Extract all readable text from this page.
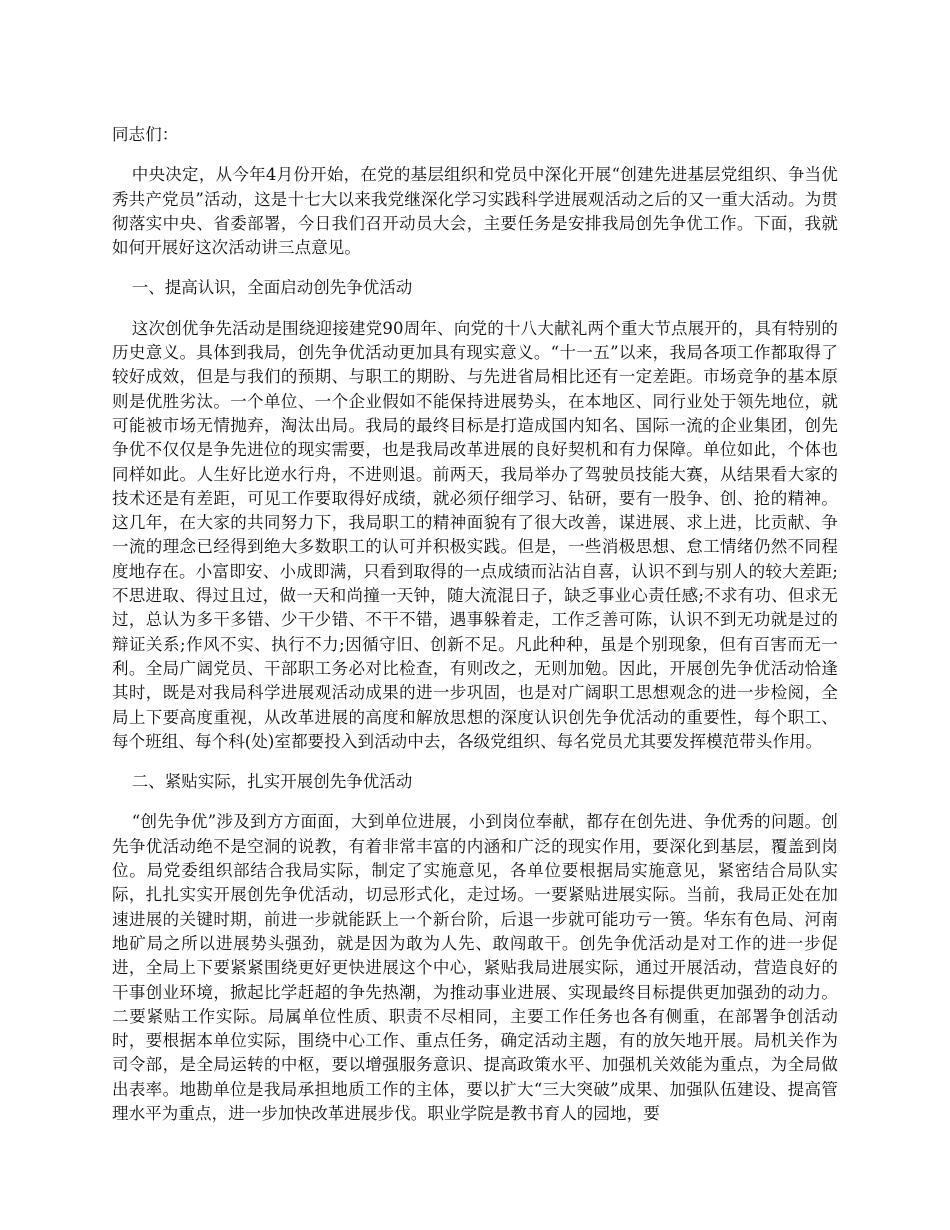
同志们：

中央决定，从今年4月份开始，在党的基层组织和党员中深化开展“创建先进基层党组织、争当优秀共产党员”活动，这是十七大以来我党继深化学习实践科学进展观活动之后的又一重大活动。为贯彻落实中央、省委部署，今日我们召开动员大会，主要任务是安排我局创先争优工作。下面，我就如何开展好这次活动讲三点意见。

一、提高认识，全面启动创先争优活动

这次创优争先活动是围绕迎接建党90周年、向党的十八大献礼两个重大节点展开的，具有特别的历史意义。具体到我局，创先争优活动更加具有现实意义。“十一五”以来，我局各项工作都取得了较好成效，但是与我们的预期、与职工的期盼、与先进省局相比还有一定差距。市场竞争的基本原则是优胜劣汰。一个单位、一个企业假如不能保持进展势头，在本地区、同行业处于领先地位，就可能被市场无情抛弃，淘汰出局。我局的最终目标是打造成国内知名、国际一流的企业集团，创先争优不仅仅是争先进位的现实需要，也是我局改革进展的良好契机和有力保障。单位如此，个体也同样如此。人生好比逆水行舟，不进则退。前两天，我局举办了驾驶员技能大赛，从结果看大家的技术还是有差距，可见工作要取得好成绩，就必须仔细学习、钻研，要有一股争、创、抢的精神。这几年，在大家的共同努力下，我局职工的精神面貌有了很大改善，谋进展、求上进，比贡献、争一流的理念已经得到绝大多数职工的认可并积极实践。但是，一些消极思想、怠工情绪仍然不同程度地存在。小富即安、小成即满，只看到取得的一点成绩而沾沾自喜，认识不到与别人的较大差距;不思进取、得过且过，做一天和尚撞一天钟，随大流混日子，缺乏事业心责任感;不求有功、但求无过，总认为多干多错、少干少错、不干不错，遇事躲着走，工作乏善可陈，认识不到无功就是过的辩证关系;作风不实、执行不力;因循守旧、创新不足。凡此种种，虽是个别现象，但有百害而无一利。全局广阔党员、干部职工务必对比检查，有则改之，无则加勉。因此，开展创先争优活动恰逢其时，既是对我局科学进展观活动成果的进一步巩固，也是对广阔职工思想观念的进一步检阅，全局上下要高度重视，从改革进展的高度和解放思想的深度认识创先争优活动的重要性，每个职工、每个班组、每个科(处)室都要投入到活动中去，各级党组织、每名党员尤其要发挥模范带头作用。

二、紧贴实际，扎实开展创先争优活动

“创先争优”涉及到方方面面，大到单位进展，小到岗位奉献，都存在创先进、争优秀的问题。创先争优活动绝不是空洞的说教，有着非常丰富的内涵和广泛的现实作用，要深化到基层，覆盖到岗位。局党委组织部结合我局实际，制定了实施意见，各单位要根据局实施意见，紧密结合局队实际，扎扎实实开展创先争优活动，切忌形式化，走过场。一要紧贴进展实际。当前，我局正处在加速进展的关键时期，前进一步就能跃上一个新台阶，后退一步就可能功亏一篑。华东有色局、河南地矿局之所以进展势头强劲，就是因为敢为人先、敢闯敢干。创先争优活动是对工作的进一步促进，全局上下要紧紧围绕更好更快进展这个中心，紧贴我局进展实际，通过开展活动，营造良好的干事创业环境，掀起比学赶超的争先热潮，为推动事业进展、实现最终目标提供更加强劲的动力。二要紧贴工作实际。局属单位性质、职责不尽相同，主要工作任务也各有侧重，在部署争创活动时，要根据本单位实际，围绕中心工作、重点任务，确定活动主题，有的放矢地开展。局机关作为司令部，是全局运转的中枢，要以增强服务意识、提高政策水平、加强机关效能为重点，为全局做出表率。地勘单位是我局承担地质工作的主体，要以扩大“三大突破”成果、加强队伍建设、提高管理水平为重点，进一步加快改革进展步伐。职业学院是教书育人的园地，要
